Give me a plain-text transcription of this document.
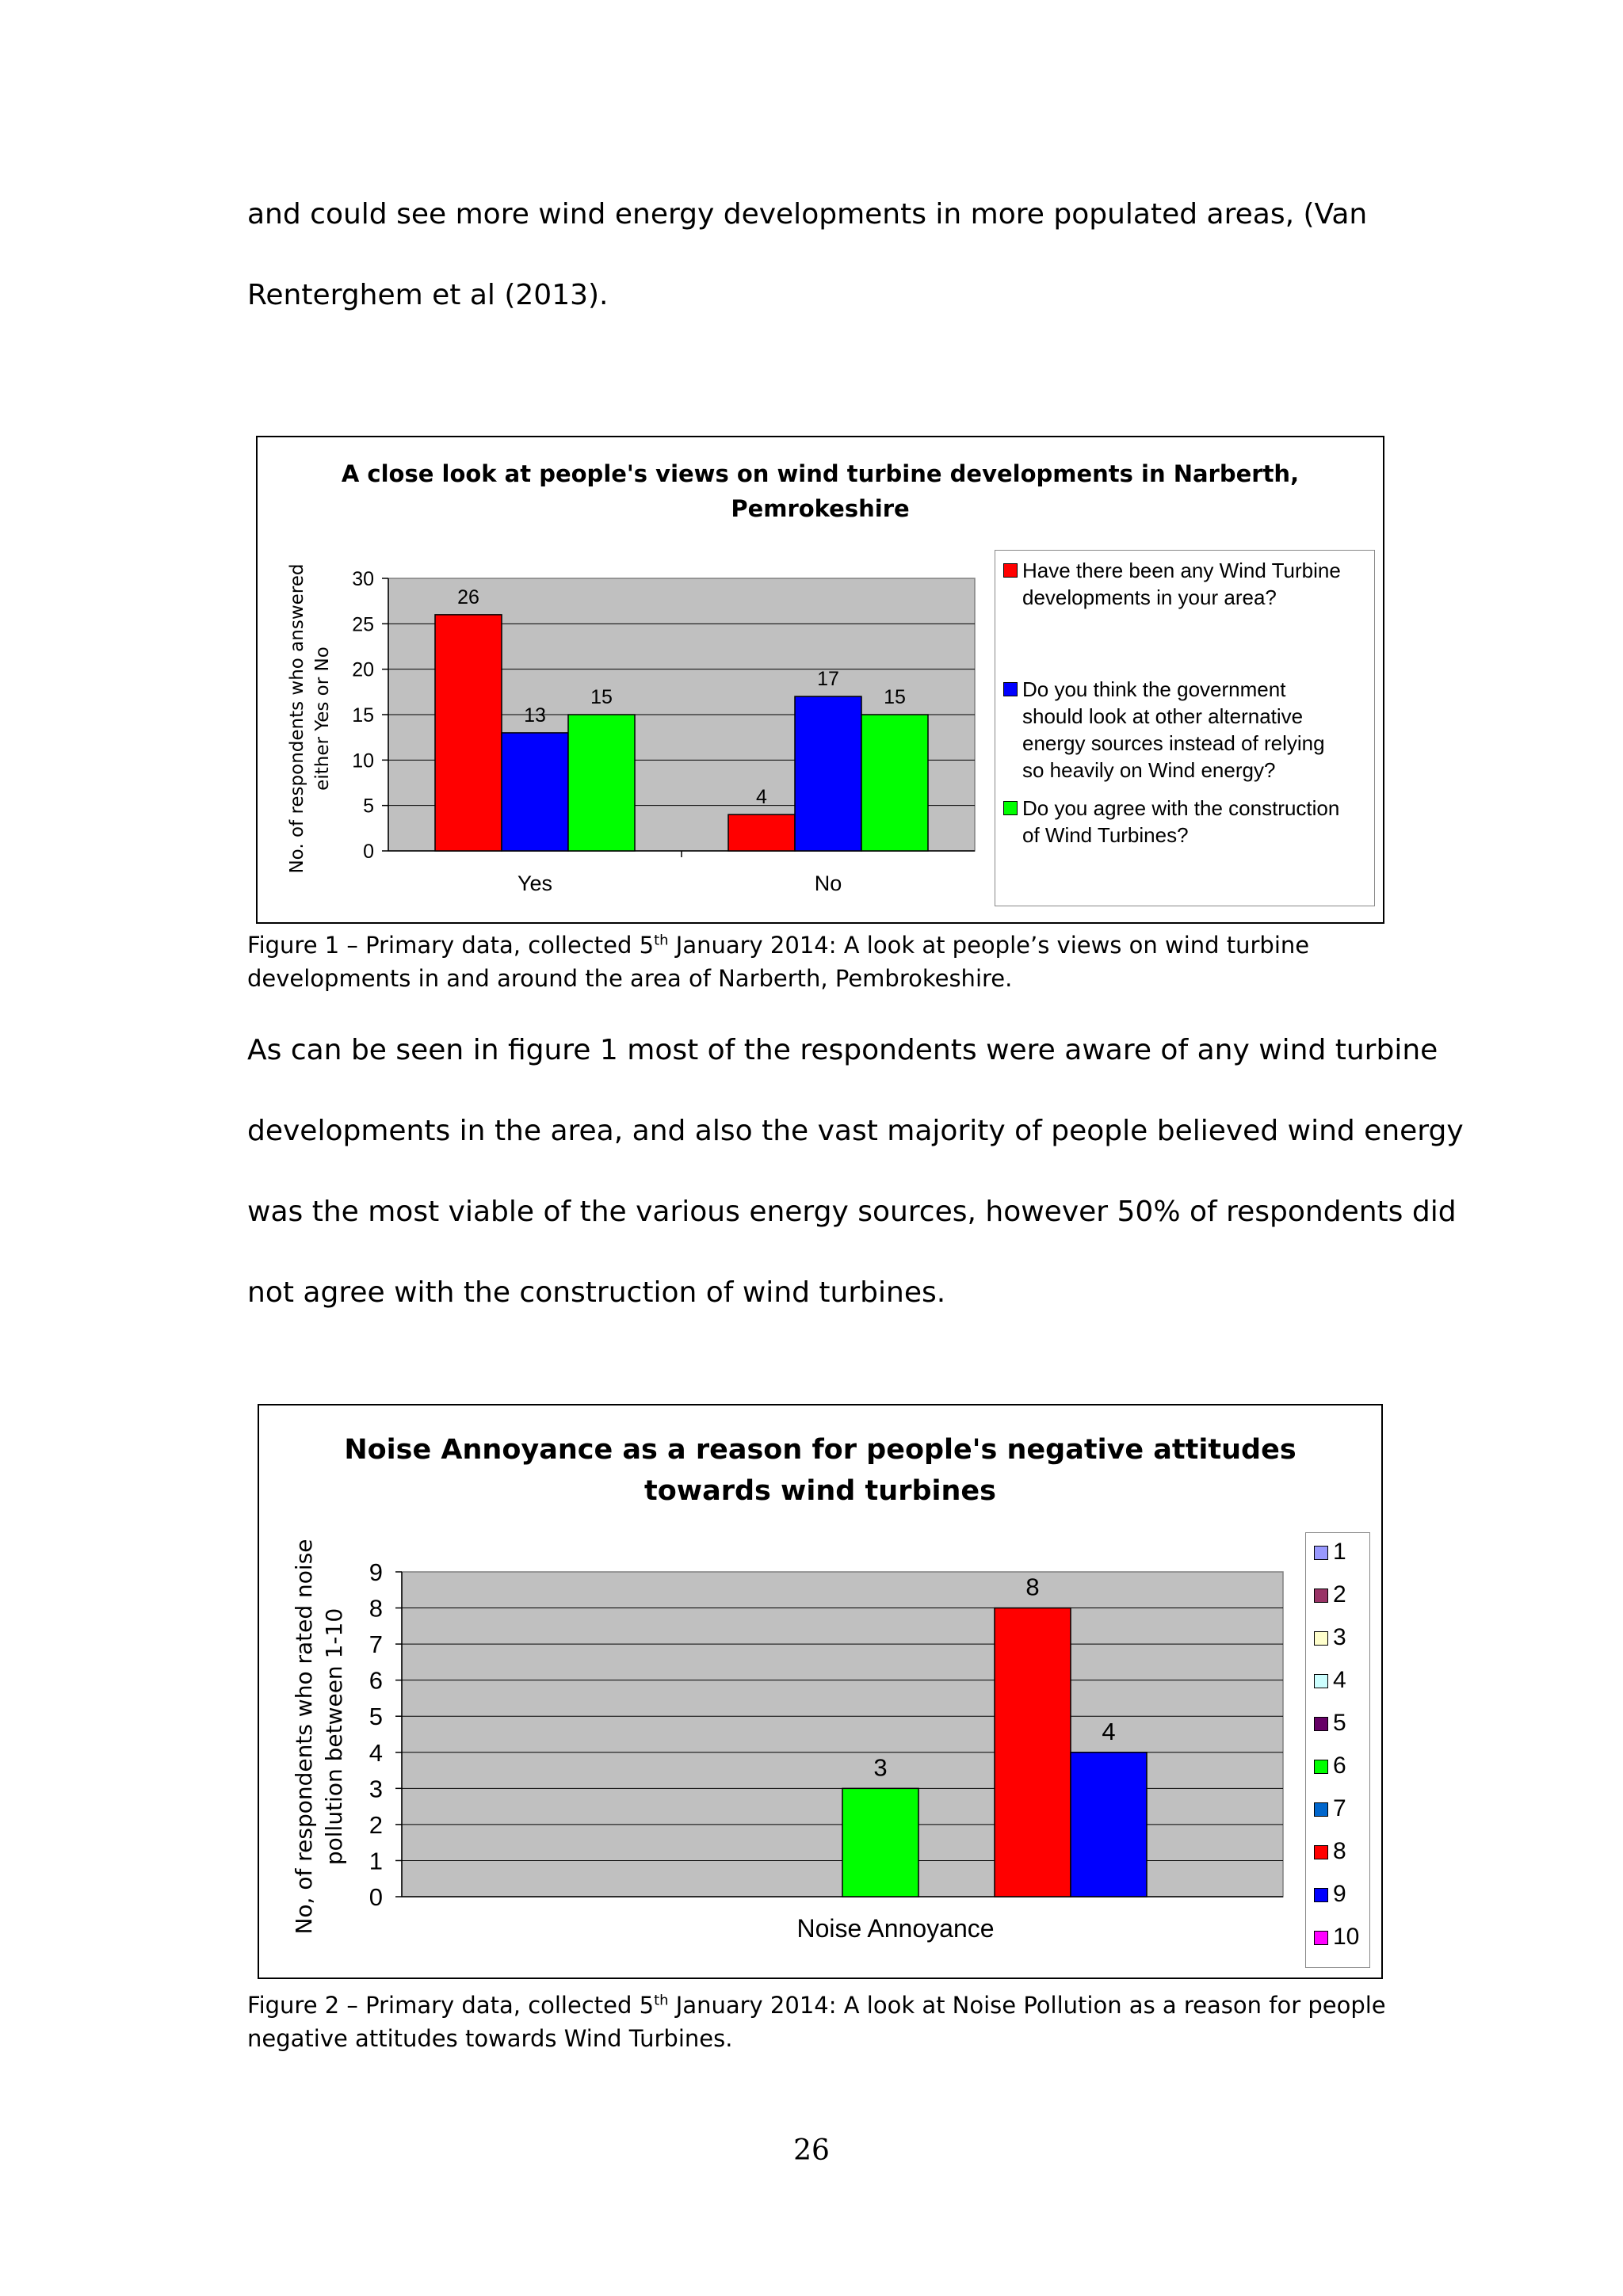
and could see more wind energy developments in more populated areas, (Van
Renterghem et al (2013).
A close look at people's views on wind turbine developments in Narberth,
Pemrokeshire
No. of respondents who answered either Yes or No
0
5
10
15
20
25
30
Yes
26
13
15
No
4
17
15
Have there been any Wind Turbine
developments in your area?
Do you think the government
should look at other alternative
energy sources instead of relying
so heavily on Wind energy?
Do you agree with the construction
of Wind Turbines?
Figure 1 – Primary data, collected 5th January 2014: A look at people’s views on wind turbine
developments in and around the area of Narberth, Pembrokeshire.
As can be seen in figure 1 most of the respondents were aware of any wind turbine
developments in the area, and also the vast majority of people believed wind energy
was the most viable of the various energy sources, however 50% of respondents did
not agree with the construction of wind turbines.
Noise Annoyance as a reason for people's negative attitudes
towards wind turbines
No, of respondents who rated noise pollution between 1-10
0
1
2
3
4
5
6
7
8
9
3
8
4
Noise Annoyance
1
2
3
4
5
6
7
8
9
10
Figure 2 – Primary data, collected 5th January 2014: A look at Noise Pollution as a reason for people
negative attitudes towards Wind Turbines.
26
